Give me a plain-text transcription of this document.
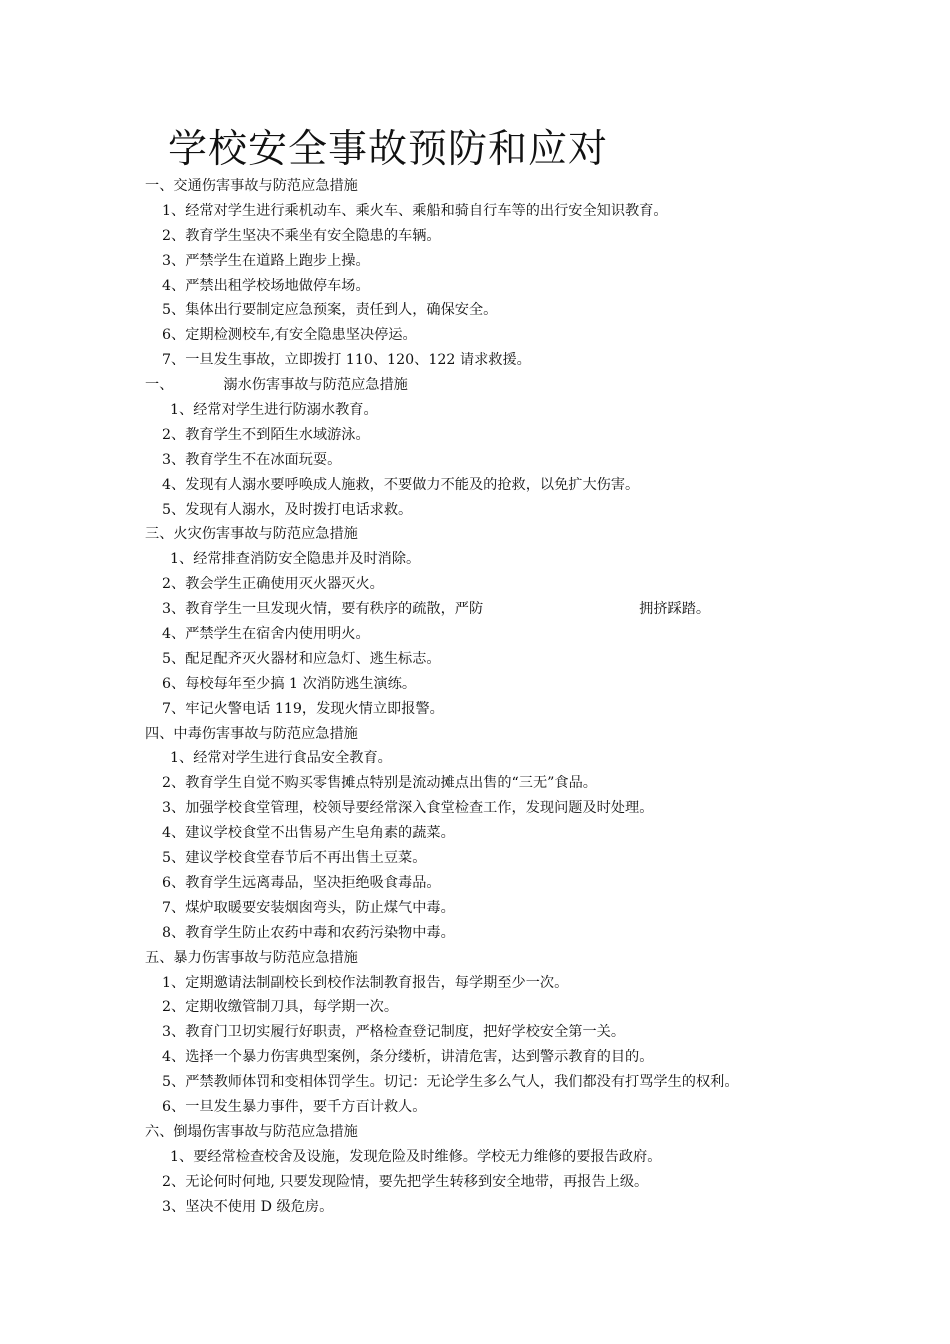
学校安全事故预防和应对
一、交通伤害事故与防范应急措施
1、经常对学生进行乘机动车、乘火车、乘船和骑自行车等的出行安全知识教育。
2、教育学生坚决不乘坐有安全隐患的车辆。
3、严禁学生在道路上跑步上操。
4、严禁出租学校场地做停车场。
5、集体出行要制定应急预案，责任到人，确保安全。
6、定期检测校车,有安全隐患坚决停运。
7、一旦发生事故，立即拨打 110、120、122 请求救援。
一、	溺水伤害事故与防范应急措施
1、经常对学生进行防溺水教育。
2、教育学生不到陌生水域游泳。
3、教育学生不在冰面玩耍。
4、发现有人溺水要呼唤成人施救，不要做力不能及的抢救，以免扩大伤害。
5、发现有人溺水，及时拨打电话求救。
三、火灾伤害事故与防范应急措施
1、经常排查消防安全隐患并及时消除。
2、教会学生正确使用灭火器灭火。
3、教育学生一旦发现火情，要有秩序的疏散，严防	拥挤踩踏。
4、严禁学生在宿舍内使用明火。
5、配足配齐灭火器材和应急灯、逃生标志。
6、每校每年至少搞 1 次消防逃生演练。
7、牢记火警电话 119，发现火情立即报警。
四、中毒伤害事故与防范应急措施
1、经常对学生进行食品安全教育。
2、教育学生自觉不购买零售摊点特别是流动摊点出售的“三无”食品。
3、加强学校食堂管理，校领导要经常深入食堂检查工作，发现问题及时处理。
4、建议学校食堂不出售易产生皂角素的蔬菜。
5、建议学校食堂春节后不再出售土豆菜。
6、教育学生远离毒品，坚决拒绝吸食毒品。
7、煤炉取暖要安装烟囱弯头，防止煤气中毒。
8、教育学生防止农药中毒和农药污染物中毒。
五、暴力伤害事故与防范应急措施
1、定期邀请法制副校长到校作法制教育报告，每学期至少一次。
2、定期收缴管制刀具，每学期一次。
3、教育门卫切实履行好职责，严格检查登记制度，把好学校安全第一关。
4、选择一个暴力伤害典型案例，条分缕析，讲清危害，达到警示教育的目的。
5、严禁教师体罚和变相体罚学生。切记：无论学生多么气人，我们都没有打骂学生的权利。
6、一旦发生暴力事件，要千方百计救人。
六、倒塌伤害事故与防范应急措施
1、要经常检查校舍及设施，发现危险及时维修。学校无力维修的要报告政府。
2、无论何时何地, 只要发现险情，要先把学生转移到安全地带，再报告上级。
3、坚决不使用 D 级危房。
